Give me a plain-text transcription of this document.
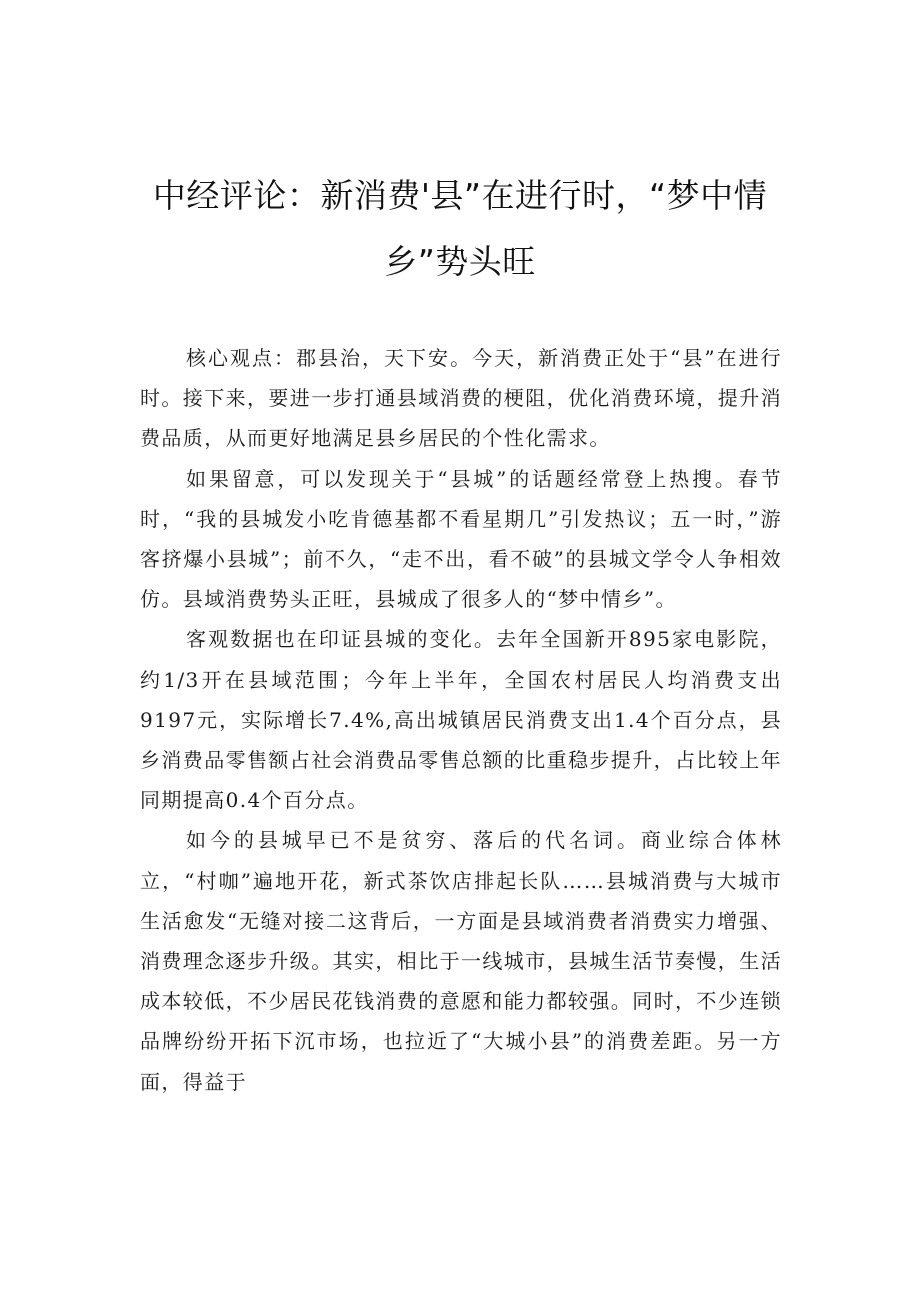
中经评论：新消费'县”在进行时，“梦中情乡”势头旺

核心观点：郡县治，天下安。今天，新消费正处于“县”在进行时。接下来，要进一步打通县域消费的梗阻，优化消费环境，提升消费品质，从而更好地满足县乡居民的个性化需求。

如果留意，可以发现关于“县城”的话题经常登上热搜。春节时，“我的县城发小吃肯德基都不看星期几”引发热议；五一时，”游客挤爆小县城”；前不久，“走不出，看不破”的县城文学令人争相效仿。县域消费势头正旺，县城成了很多人的“梦中情乡”。

客观数据也在印证县城的变化。去年全国新开895家电影院，约1/3开在县域范围；今年上半年，全国农村居民人均消费支出9197元，实际增长7.4%,高出城镇居民消费支出1.4个百分点，县乡消费品零售额占社会消费品零售总额的比重稳步提升，占比较上年同期提高0.4个百分点。

如今的县城早已不是贫穷、落后的代名词。商业综合体林立，“村咖”遍地开花，新式茶饮店排起长队……县城消费与大城市生活愈发“无缝对接二这背后，一方面是县域消费者消费实力增强、消费理念逐步升级。其实，相比于一线城市，县城生活节奏慢，生活成本较低，不少居民花钱消费的意愿和能力都较强。同时，不少连锁品牌纷纷开拓下沉市场，也拉近了“大城小县”的消费差距。另一方面，得益于
